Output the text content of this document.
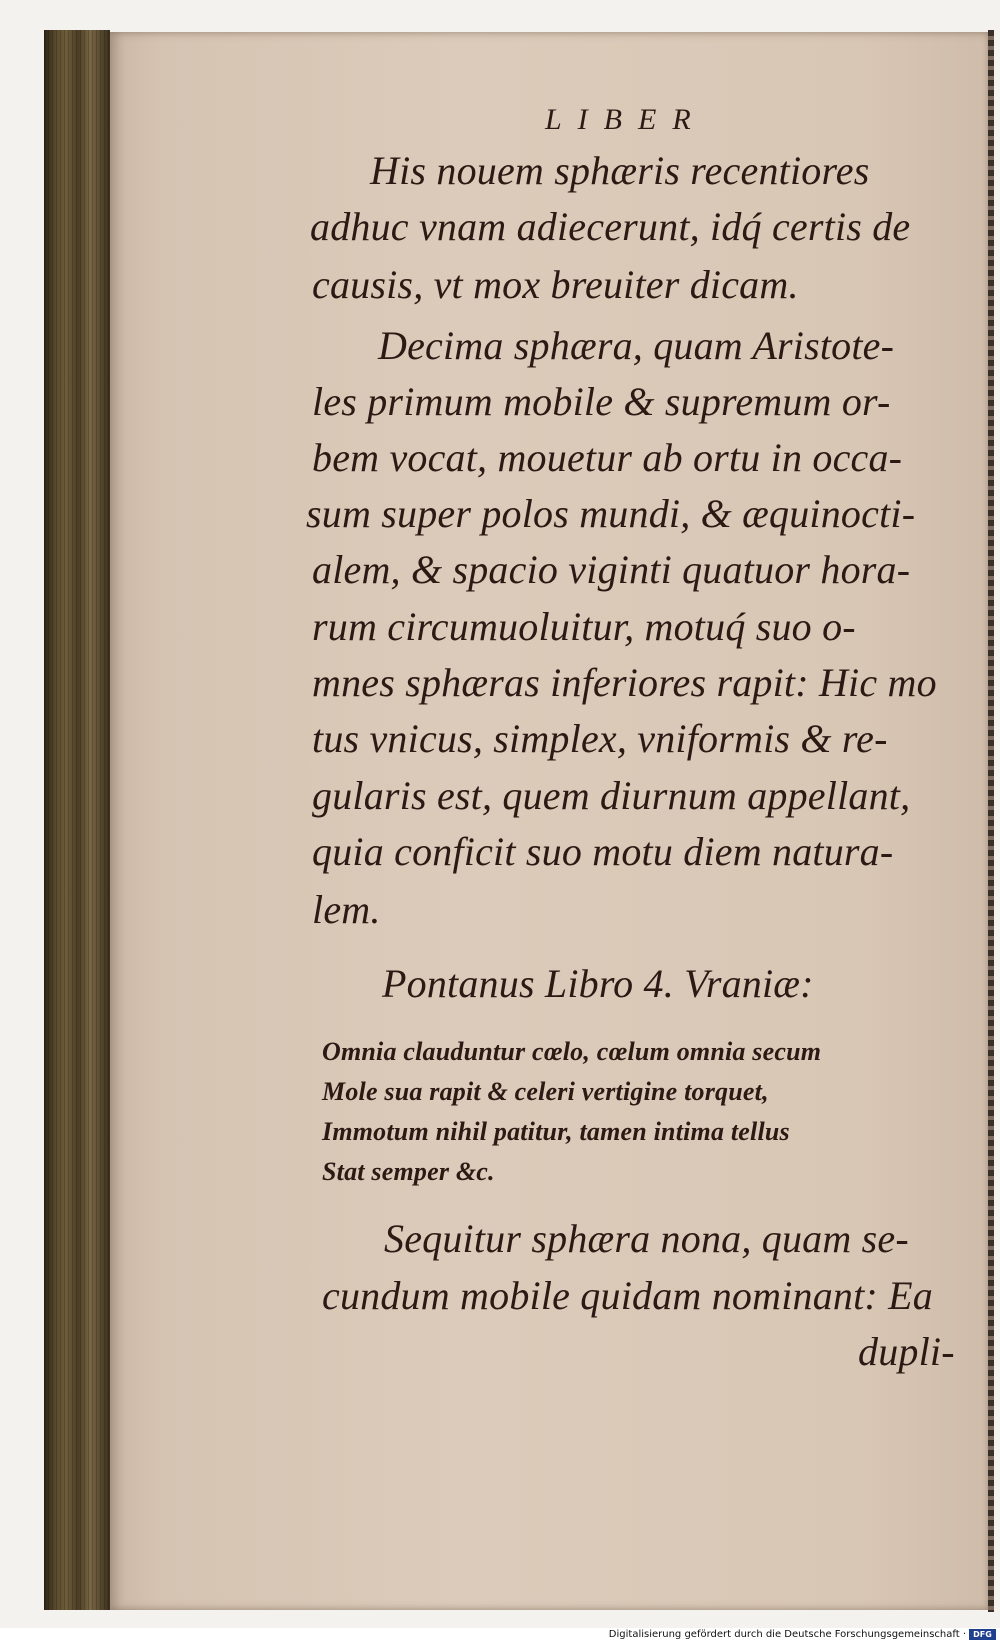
LIBER
His nouem sphæris recentiores
adhuc vnam adiecerunt, idq́ certis de
causis, vt mox breuiter dicam.
Decima sphæra, quam Aristote-
les primum mobile & supremum or-
bem vocat, mouetur ab ortu in occa-
sum super polos mundi, & æquinocti-
alem, & spacio viginti quatuor hora-
rum circumuoluitur, motuq́ suo o-
mnes sphæras inferiores rapit: Hic mo
tus vnicus, simplex, vniformis & re-
gularis est, quem diurnum appellant,
quia conficit suo motu diem natura-
lem.
Pontanus Libro 4. Vraniæ:
Omnia clauduntur cœlo, cœlum omnia secum
Mole sua rapit & celeri vertigine torquet,
Immotum nihil patitur, tamen intima tellus
Stat semper &c.
Sequitur sphæra nona, quam se-
cundum mobile quidam nominant: Ea
dupli-
Digitalisierung gefördert durch die Deutsche Forschungsgemeinschaft · DFG
